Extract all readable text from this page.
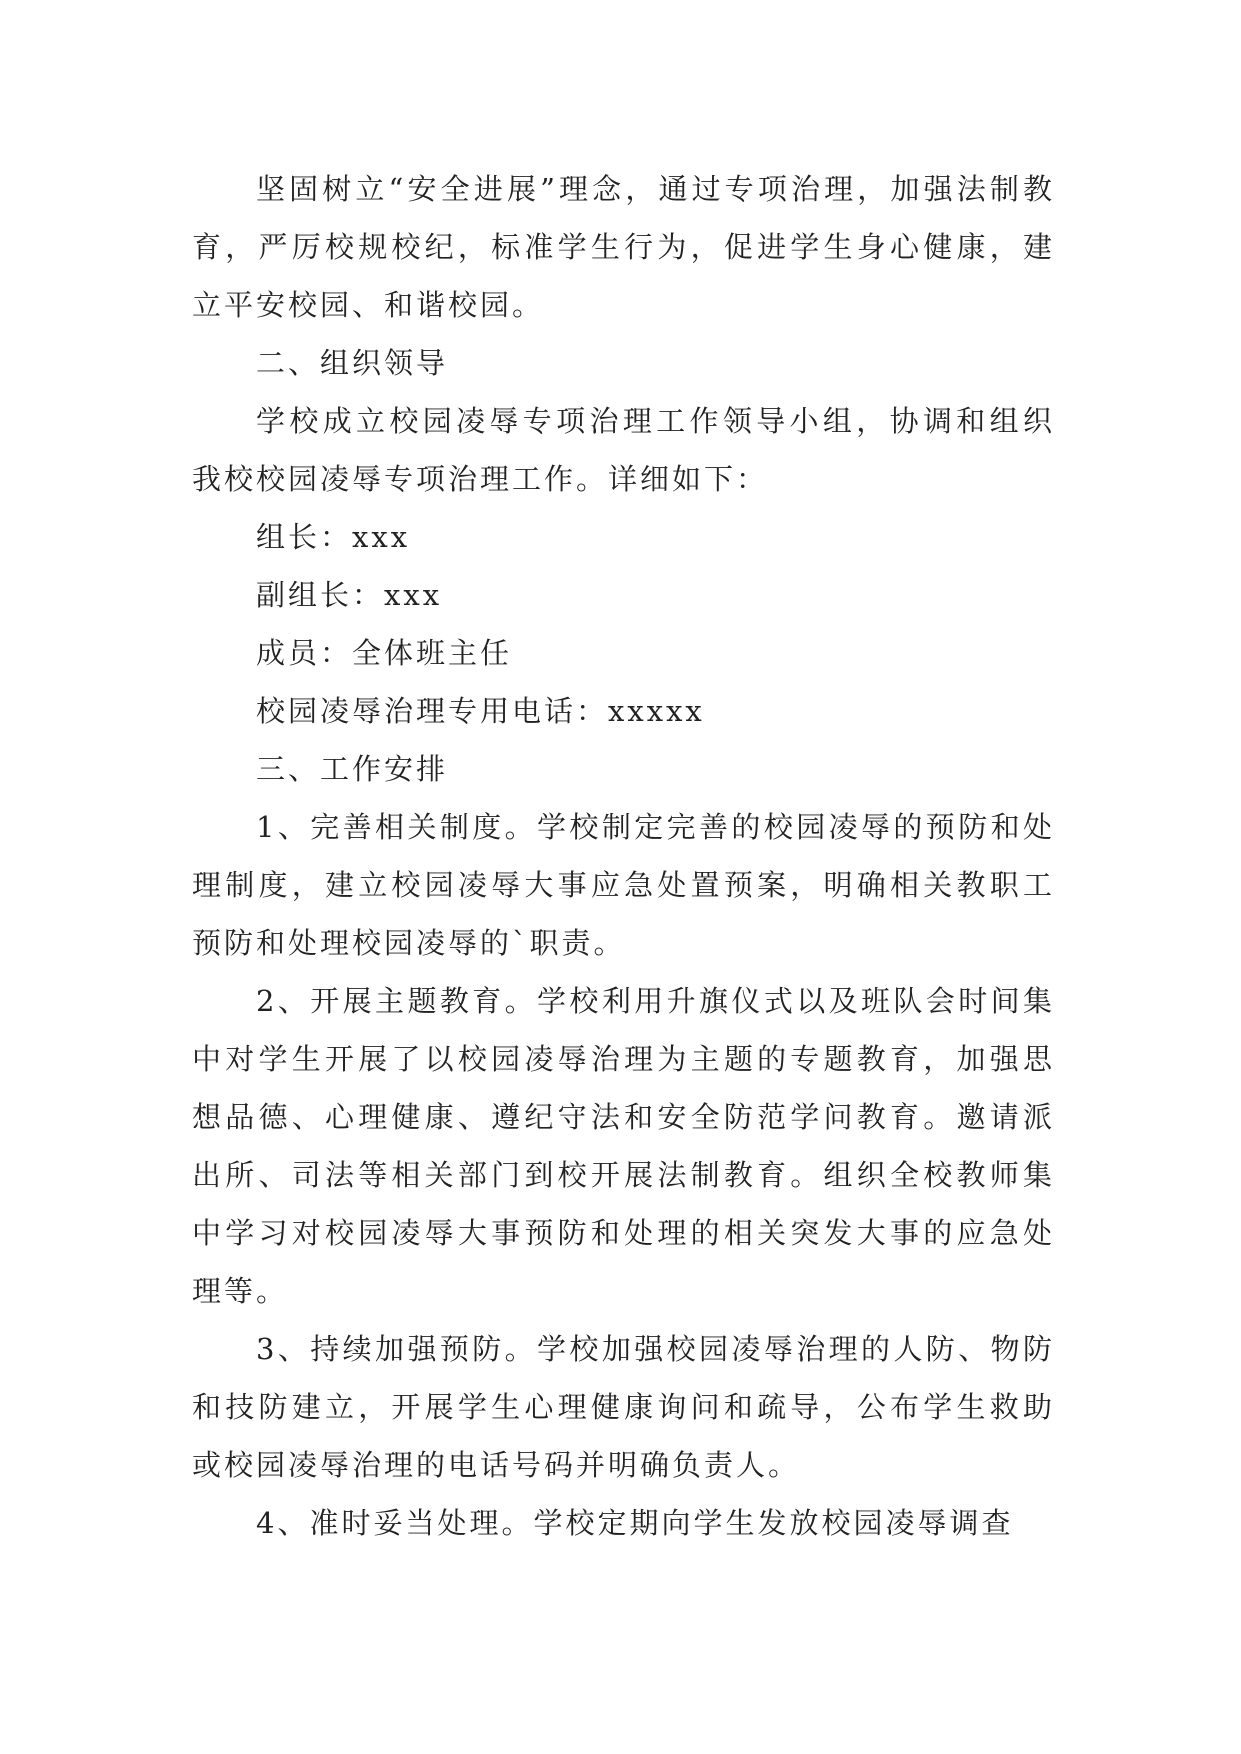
坚固树立“安全进展”理念，通过专项治理，加强法制教育，严厉校规校纪，标准学生行为，促进学生身心健康，建立平安校园、和谐校园。

二、组织领导

学校成立校园凌辱专项治理工作领导小组，协调和组织我校校园凌辱专项治理工作。详细如下：

组长：xxx

副组长：xxx

成员：全体班主任

校园凌辱治理专用电话：xxxxx

三、工作安排

1、完善相关制度。学校制定完善的校园凌辱的预防和处理制度，建立校园凌辱大事应急处置预案，明确相关教职工预防和处理校园凌辱的`职责。

2、开展主题教育。学校利用升旗仪式以及班队会时间集中对学生开展了以校园凌辱治理为主题的专题教育，加强思想品德、心理健康、遵纪守法和安全防范学问教育。邀请派出所、司法等相关部门到校开展法制教育。组织全校教师集中学习对校园凌辱大事预防和处理的相关突发大事的应急处理等。

3、持续加强预防。学校加强校园凌辱治理的人防、物防和技防建立，开展学生心理健康询问和疏导，公布学生救助或校园凌辱治理的电话号码并明确负责人。

4、准时妥当处理。学校定期向学生发放校园凌辱调查
